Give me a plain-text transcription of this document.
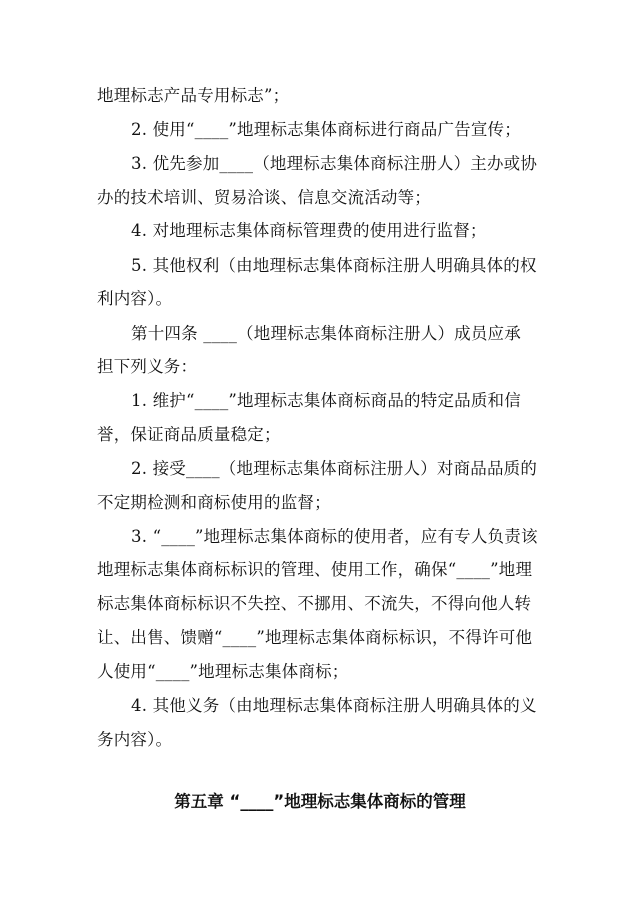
地理标志产品专用标志”；
2. 使用“____”地理标志集体商标进行商品广告宣传；
3. 优先参加____（地理标志集体商标注册人）主办或协
办的技术培训、贸易洽谈、信息交流活动等；
4. 对地理标志集体商标管理费的使用进行监督；
5. 其他权利（由地理标志集体商标注册人明确具体的权
利内容）。
第十四条 ____（地理标志集体商标注册人）成员应承
担下列义务：
1. 维护“____”地理标志集体商标商品的特定品质和信
誉，保证商品质量稳定；
2. 接受____（地理标志集体商标注册人）对商品品质的
不定期检测和商标使用的监督；
3. “____”地理标志集体商标的使用者，应有专人负责该
地理标志集体商标标识的管理、使用工作，确保“____”地理
标志集体商标标识不失控、不挪用、不流失，不得向他人转
让、出售、馈赠“____”地理标志集体商标标识，不得许可他
人使用“____”地理标志集体商标；
4. 其他义务（由地理标志集体商标注册人明确具体的义
务内容）。
第五章 “____”地理标志集体商标的管理
